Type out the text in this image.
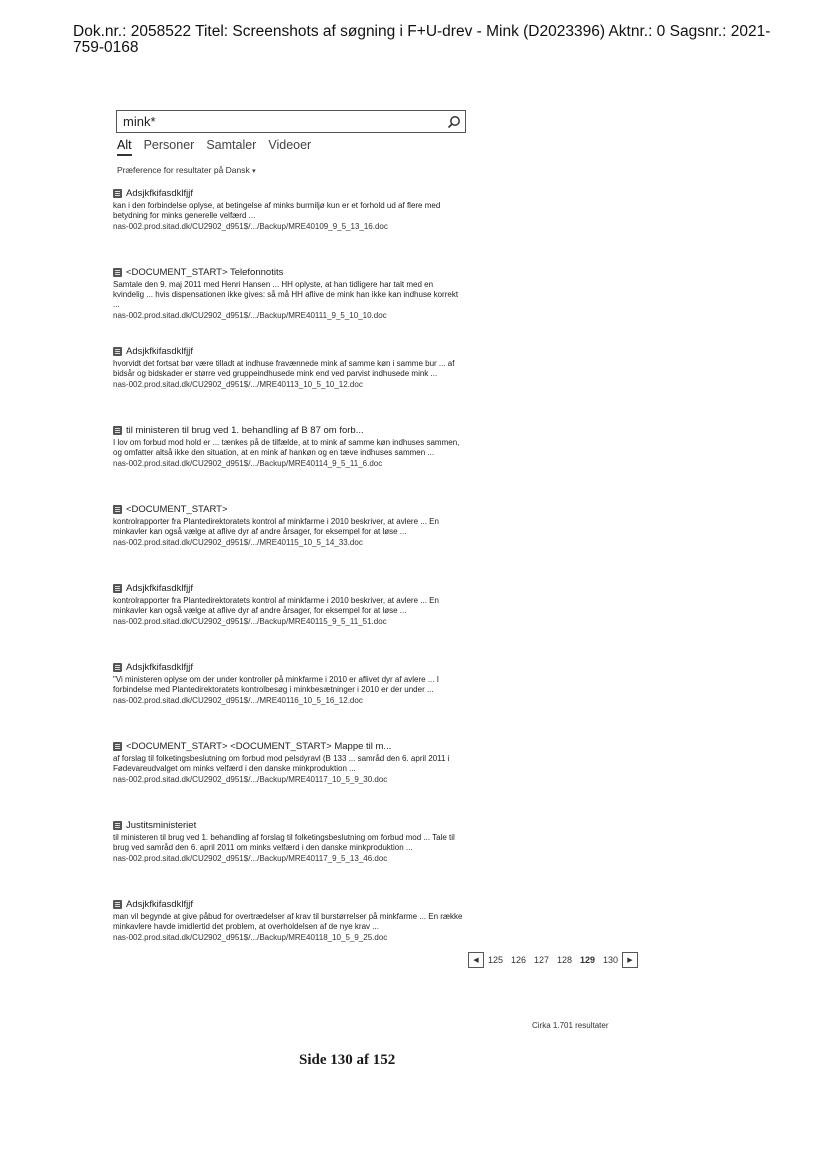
Dok.nr.: 2058522 Titel: Screenshots af søgning i F+U-drev - Mink (D2023396) Aktnr.: 0 Sagsnr.: 2021-759-0168
mink*
Alt Personer Samtaler Videoer
Præference for resultater på Dansk ▾
Adsjkfkifasdklfjjf
kan i den forbindelse oplyse, at betingelse af minks burmiljø kun er et forhold ud af flere med betydning for minks generelle velfærd ...
nas-002.prod.sitad.dk/CU2902_d951$/.../Backup/MRE40109_9_5_13_16.doc
<DOCUMENT_START> Telefonnotits
Samtale den 9. maj 2011 med Henri Hansen ... HH oplyste, at han tidligere har talt med en kvindelig ... hvis dispensationen ikke gives: så må HH aflive de mink han ikke kan indhuse korrekt ...
nas-002.prod.sitad.dk/CU2902_d951$/.../Backup/MRE40111_9_5_10_10.doc
Adsjkfkifasdklfjjf
hvorvidt det fortsat bør være tilladt at indhuse fravænnede mink af samme køn i samme bur ... af bidsår og bidskader er større ved gruppeindhusede mink end ved parvist indhusede mink ...
nas-002.prod.sitad.dk/CU2902_d951$/.../MRE40113_10_5_10_12.doc
til ministeren til brug ved 1. behandling af B 87 om forb...
I lov om forbud mod hold er ... tænkes på de tilfælde, at to mink af samme køn indhuses sammen, og omfatter altså ikke den situation, at en mink af hankøn og en tæve indhuses sammen ...
nas-002.prod.sitad.dk/CU2902_d951$/.../Backup/MRE40114_9_5_11_6.doc
<DOCUMENT_START>
kontrolrapporter fra Plantedirektoratets kontrol af minkfarme i 2010 beskriver, at avlere ... En minkavler kan også vælge at aflive dyr af andre årsager, for eksempel for at løse ...
nas-002.prod.sitad.dk/CU2902_d951$/.../MRE40115_10_5_14_33.doc
Adsjkfkifasdklfjjf
kontrolrapporter fra Plantedirektoratets kontrol af minkfarme i 2010 beskriver, at avlere ... En minkavler kan også vælge at aflive dyr af andre årsager, for eksempel for at løse ...
nas-002.prod.sitad.dk/CU2902_d951$/.../Backup/MRE40115_9_5_11_51.doc
Adsjkfkifasdklfjjf
"Vi ministeren oplyse om der under kontroller på minkfarme i 2010 er aflivet dyr af avlere ... I forbindelse med Plantedirektoratets kontrolbesøg i minkbesætninger i 2010 er der under ...
nas-002.prod.sitad.dk/CU2902_d951$/.../MRE40116_10_5_16_12.doc
<DOCUMENT_START> <DOCUMENT_START> Mappe til m...
af forslag til folketingsbeslutning om forbud mod pelsdyravl (B 133 ... samråd den 6. april 2011 i Fødevareudvalget om minks velfærd i den danske minkproduktion ...
nas-002.prod.sitad.dk/CU2902_d951$/.../Backup/MRE40117_10_5_9_30.doc
Justitsministeriet
til ministeren til brug ved 1. behandling af forslag til folketingsbeslutning om forbud mod ... Tale til brug ved samråd den 6. april 2011 om minks velfærd i den danske minkproduktion ...
nas-002.prod.sitad.dk/CU2902_d951$/.../Backup/MRE40117_9_5_13_46.doc
Adsjkfkifasdklfjjf
man vil begynde at give påbud for overtrædelser af krav til burstørrelser på minkfarme ... En række minkavlere havde imidlertid det problem, at overholdelsen af de nye krav ...
nas-002.prod.sitad.dk/CU2902_d951$/.../Backup/MRE40118_10_5_9_25.doc
◀	125 126 127 128 129 130	▶
Cirka 1.701 resultater
Side 130 af 152
